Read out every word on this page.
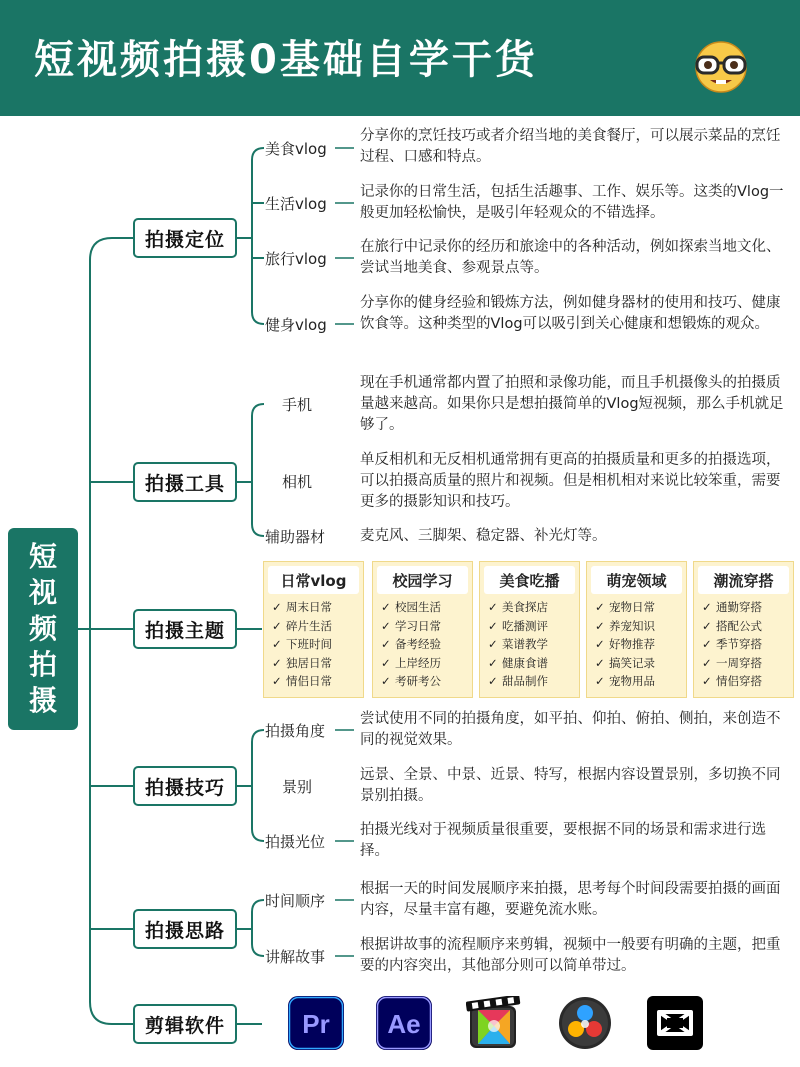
短视频拍摄0基础自学干货
短
视
频
拍
摄
拍摄定位
拍摄工具
拍摄主题
拍摄技巧
拍摄思路
剪辑软件
美食vlog
分享你的烹饪技巧或者介绍当地的美食餐厅，可以展示菜品的烹饪过程、口感和特点。
生活vlog
记录你的日常生活，包括生活趣事、工作、娱乐等。这类的Vlog一般更加轻松愉快，是吸引年轻观众的不错选择。
旅行vlog
在旅行中记录你的经历和旅途中的各种活动，例如探索当地文化、尝试当地美食、参观景点等。
健身vlog
分享你的健身经验和锻炼方法，例如健身器材的使用和技巧、健康饮食等。这种类型的Vlog可以吸引到关心健康和想锻炼的观众。
手机
现在手机通常都内置了拍照和录像功能，而且手机摄像头的拍摄质量越来越高。如果你只是想拍摄简单的Vlog短视频，那么手机就足够了。
相机
单反相机和无反相机通常拥有更高的拍摄质量和更多的拍摄选项，可以拍摄高质量的照片和视频。但是相机相对来说比较笨重，需要更多的摄影知识和技巧。
辅助器材 麦克风、三脚架、稳定器、补光灯等。
日常vlog
✓ 周末日常
✓ 碎片生活
✓ 下班时间
✓ 独居日常
✓ 情侣日常
校园学习
✓ 校园生活
✓ 学习日常
✓ 备考经验
✓ 上岸经历
✓ 考研考公
美食吃播
✓ 美食探店
✓ 吃播测评
✓ 菜谱教学
✓ 健康食谱
✓ 甜品制作
萌宠领域
✓ 宠物日常
✓ 养宠知识
✓ 好物推荐
✓ 搞笑记录
✓ 宠物用品
潮流穿搭
✓ 通勤穿搭
✓ 搭配公式
✓ 季节穿搭
✓ 一周穿搭
✓ 情侣穿搭
拍摄角度
尝试使用不同的拍摄角度，如平拍、仰拍、俯拍、侧拍，来创造不同的视觉效果。
景别
远景、全景、中景、近景、特写，根据内容设置景别，多切换不同景别拍摄。
拍摄光位
拍摄光线对于视频质量很重要，要根据不同的场景和需求进行选择。
时间顺序
根据一天的时间发展顺序来拍摄，思考每个时间段需要拍摄的画面内容，尽量丰富有趣，要避免流水账。
讲解故事
根据讲故事的流程顺序来剪辑，视频中一般要有明确的主题，把重要的内容突出，其他部分则可以简单带过。
Pr Ae
